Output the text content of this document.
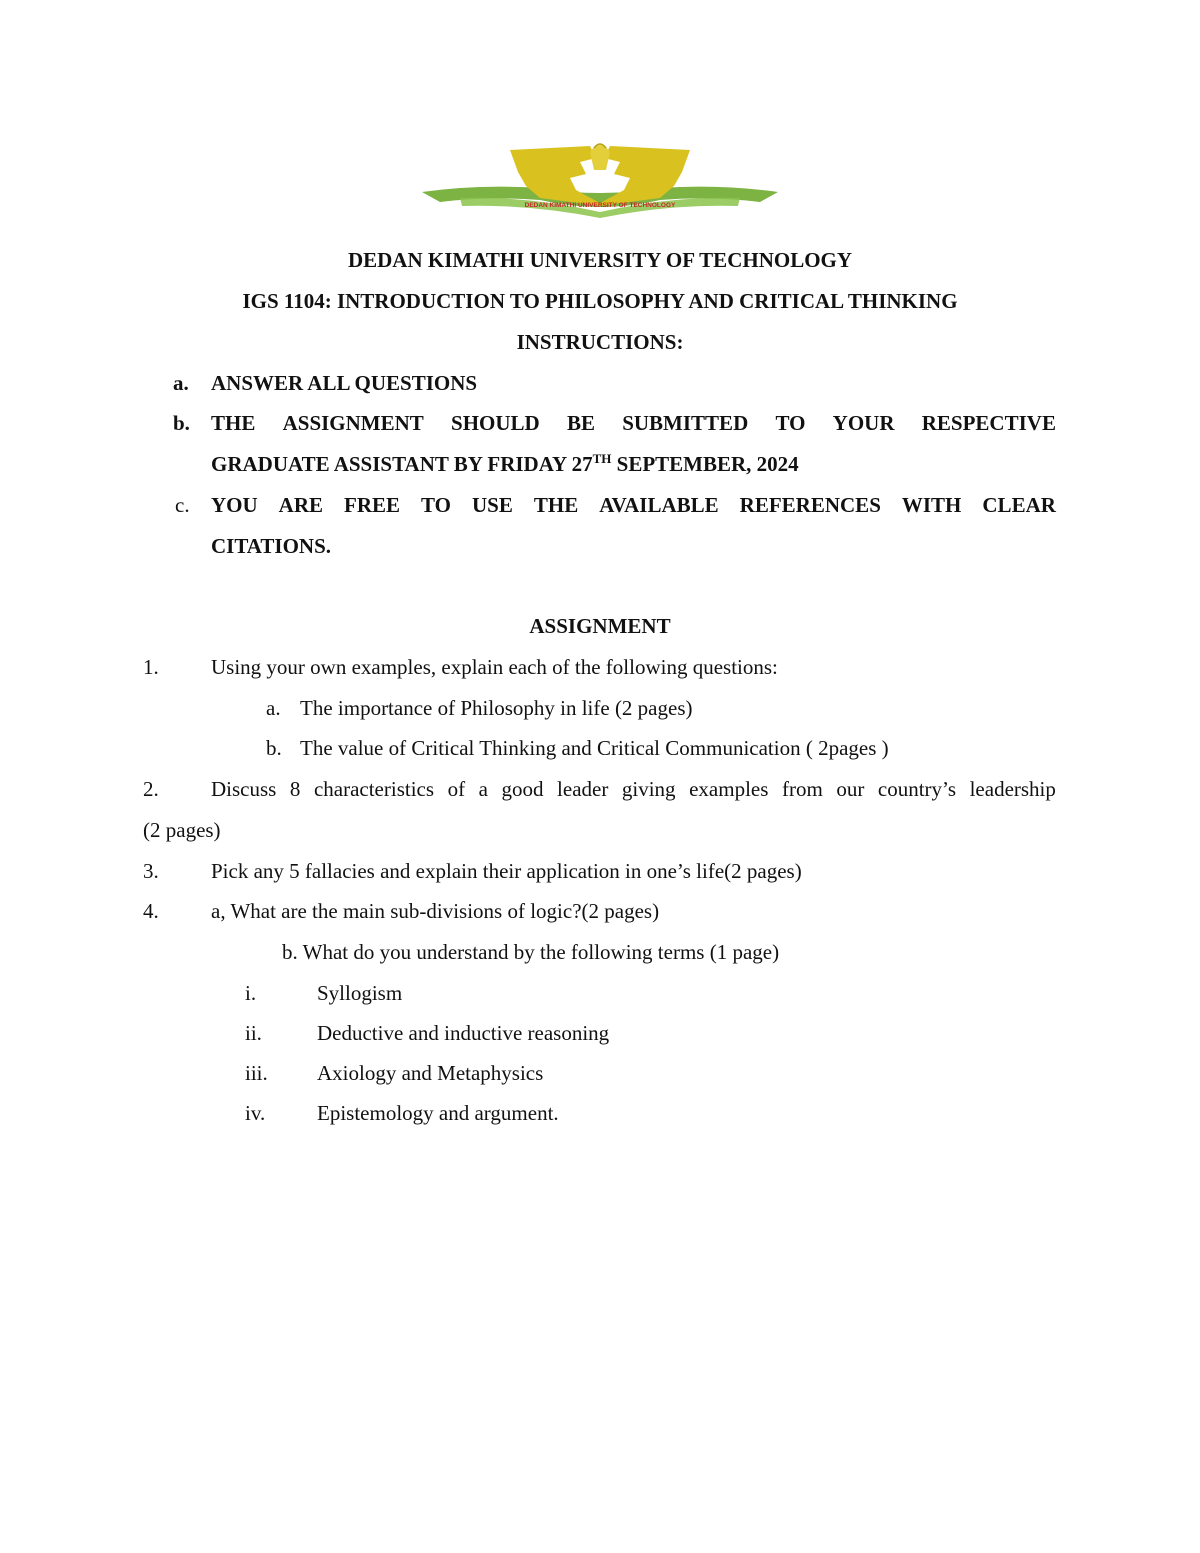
DEDAN KIMATHI UNIVERSITY OF TECHNOLOGY
DEDAN KIMATHI UNIVERSITY OF TECHNOLOGY
IGS 1104: INTRODUCTION TO PHILOSOPHY AND CRITICAL THINKING
INSTRUCTIONS:
a. ANSWER ALL QUESTIONS
b. THE ASSIGNMENT SHOULD BE SUBMITTED TO YOUR RESPECTIVE
GRADUATE ASSISTANT BY FRIDAY 27TH SEPTEMBER, 2024
c. YOU ARE FREE TO USE THE AVAILABLE REFERENCES WITH CLEAR
CITATIONS.
ASSIGNMENT
1. Using your own examples, explain each of the following questions:
a. The importance of Philosophy in life (2 pages)
b. The value of Critical Thinking and Critical Communication ( 2pages )
2. Discuss 8 characteristics of a good leader giving examples from our country’s leadership
(2 pages)
3. Pick any 5 fallacies and explain their application in one’s life(2 pages)
4. a, What are the main sub-divisions of logic?(2 pages)
b. What do you understand by the following terms (1 page)
i.	Syllogism
ii.	Deductive and inductive reasoning
iii. Axiology and Metaphysics
iv. Epistemology and argument.
